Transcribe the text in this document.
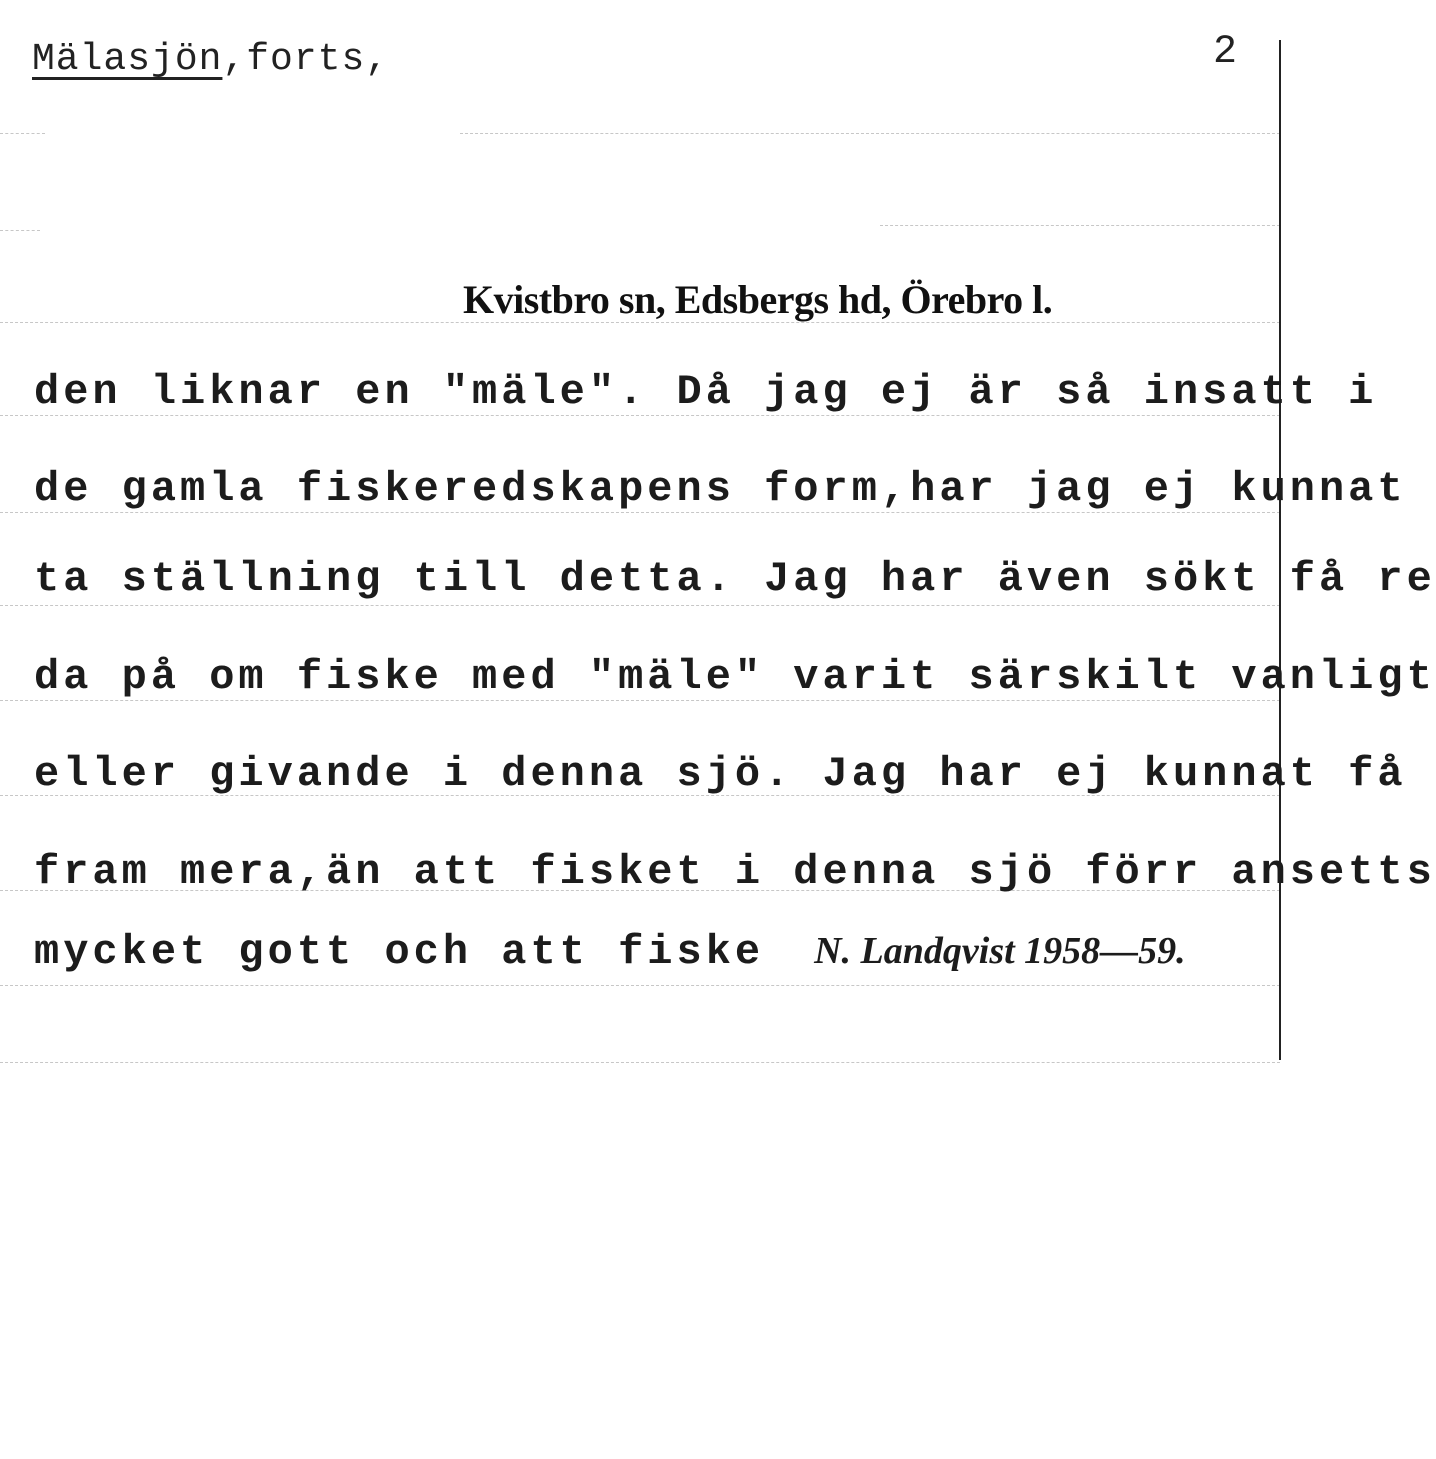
Mälasjön,forts,	2
Kvistbro sn, Edsbergs hd, Örebro l.
den liknar en "mäle". Då jag ej är så insatt i
de gamla fiskeredskapens form,har jag ej kunnat
ta ställning till detta. Jag har även sökt få re
da på om fiske med "mäle" varit särskilt vanligt
eller givande i denna sjö. Jag har ej kunnat få
fram mera,än att fisket i denna sjö förr ansetts
mycket gott och att fiske N. Landqvist 1958—59.
